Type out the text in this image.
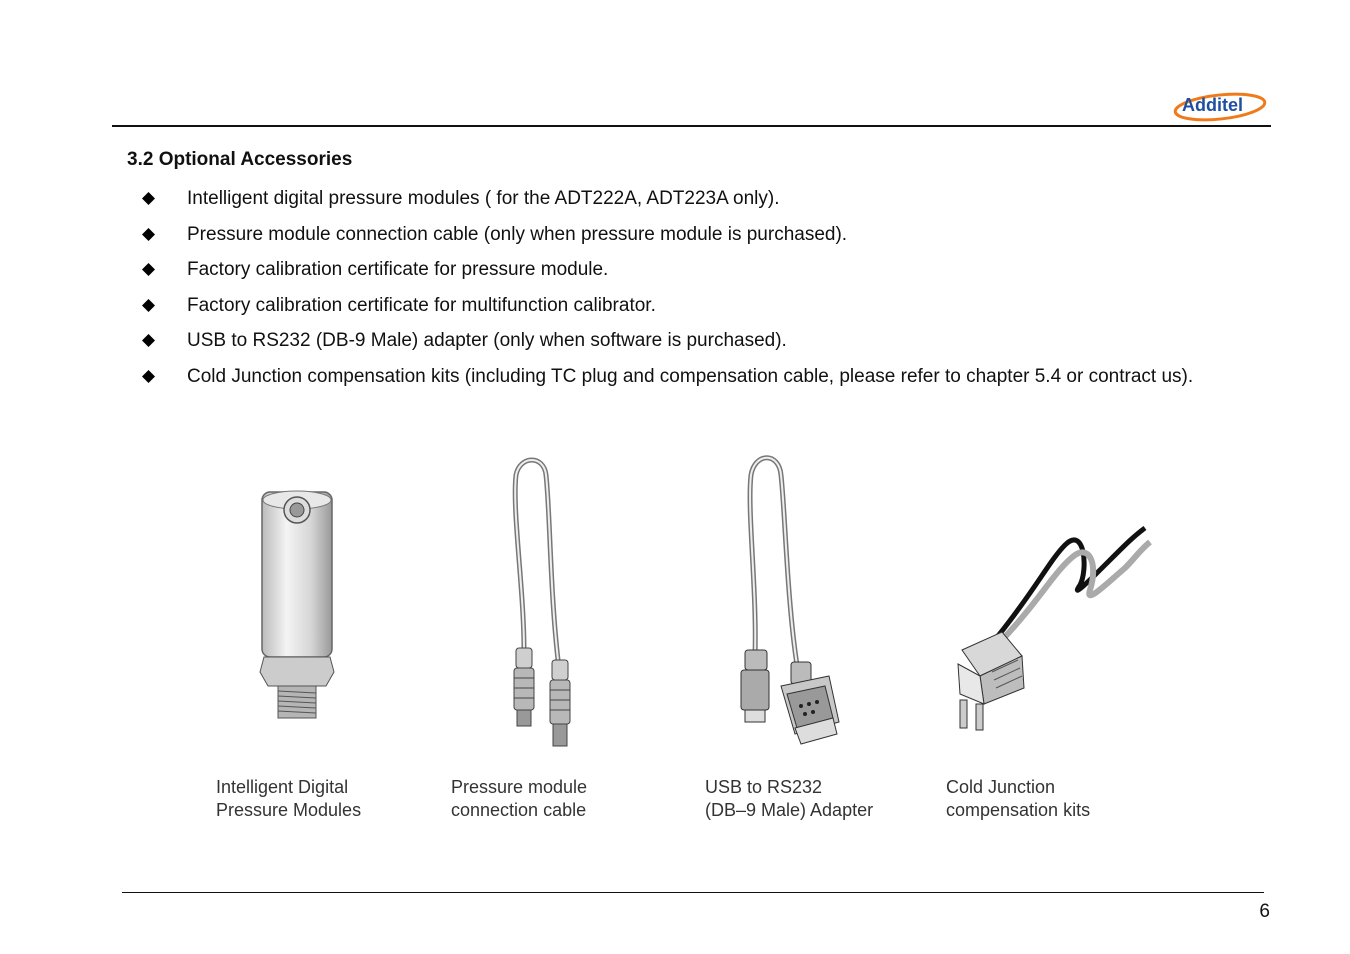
Additel
3.2 Optional Accessories
Intelligent digital pressure modules ( for the ADT222A, ADT223A only).
Pressure module connection cable (only when pressure module is purchased).
Factory calibration certificate for pressure module.
Factory calibration certificate for multifunction calibrator.
USB to RS232 (DB-9 Male) adapter (only when software is purchased).
Cold Junction compensation kits (including TC plug and compensation cable, please refer to chapter 5.4 or contract us).
Intelligent Digital
Pressure Modules
Pressure module
connection cable
USB to RS232
(DB–9 Male) Adapter
Cold Junction
compensation kits
6
